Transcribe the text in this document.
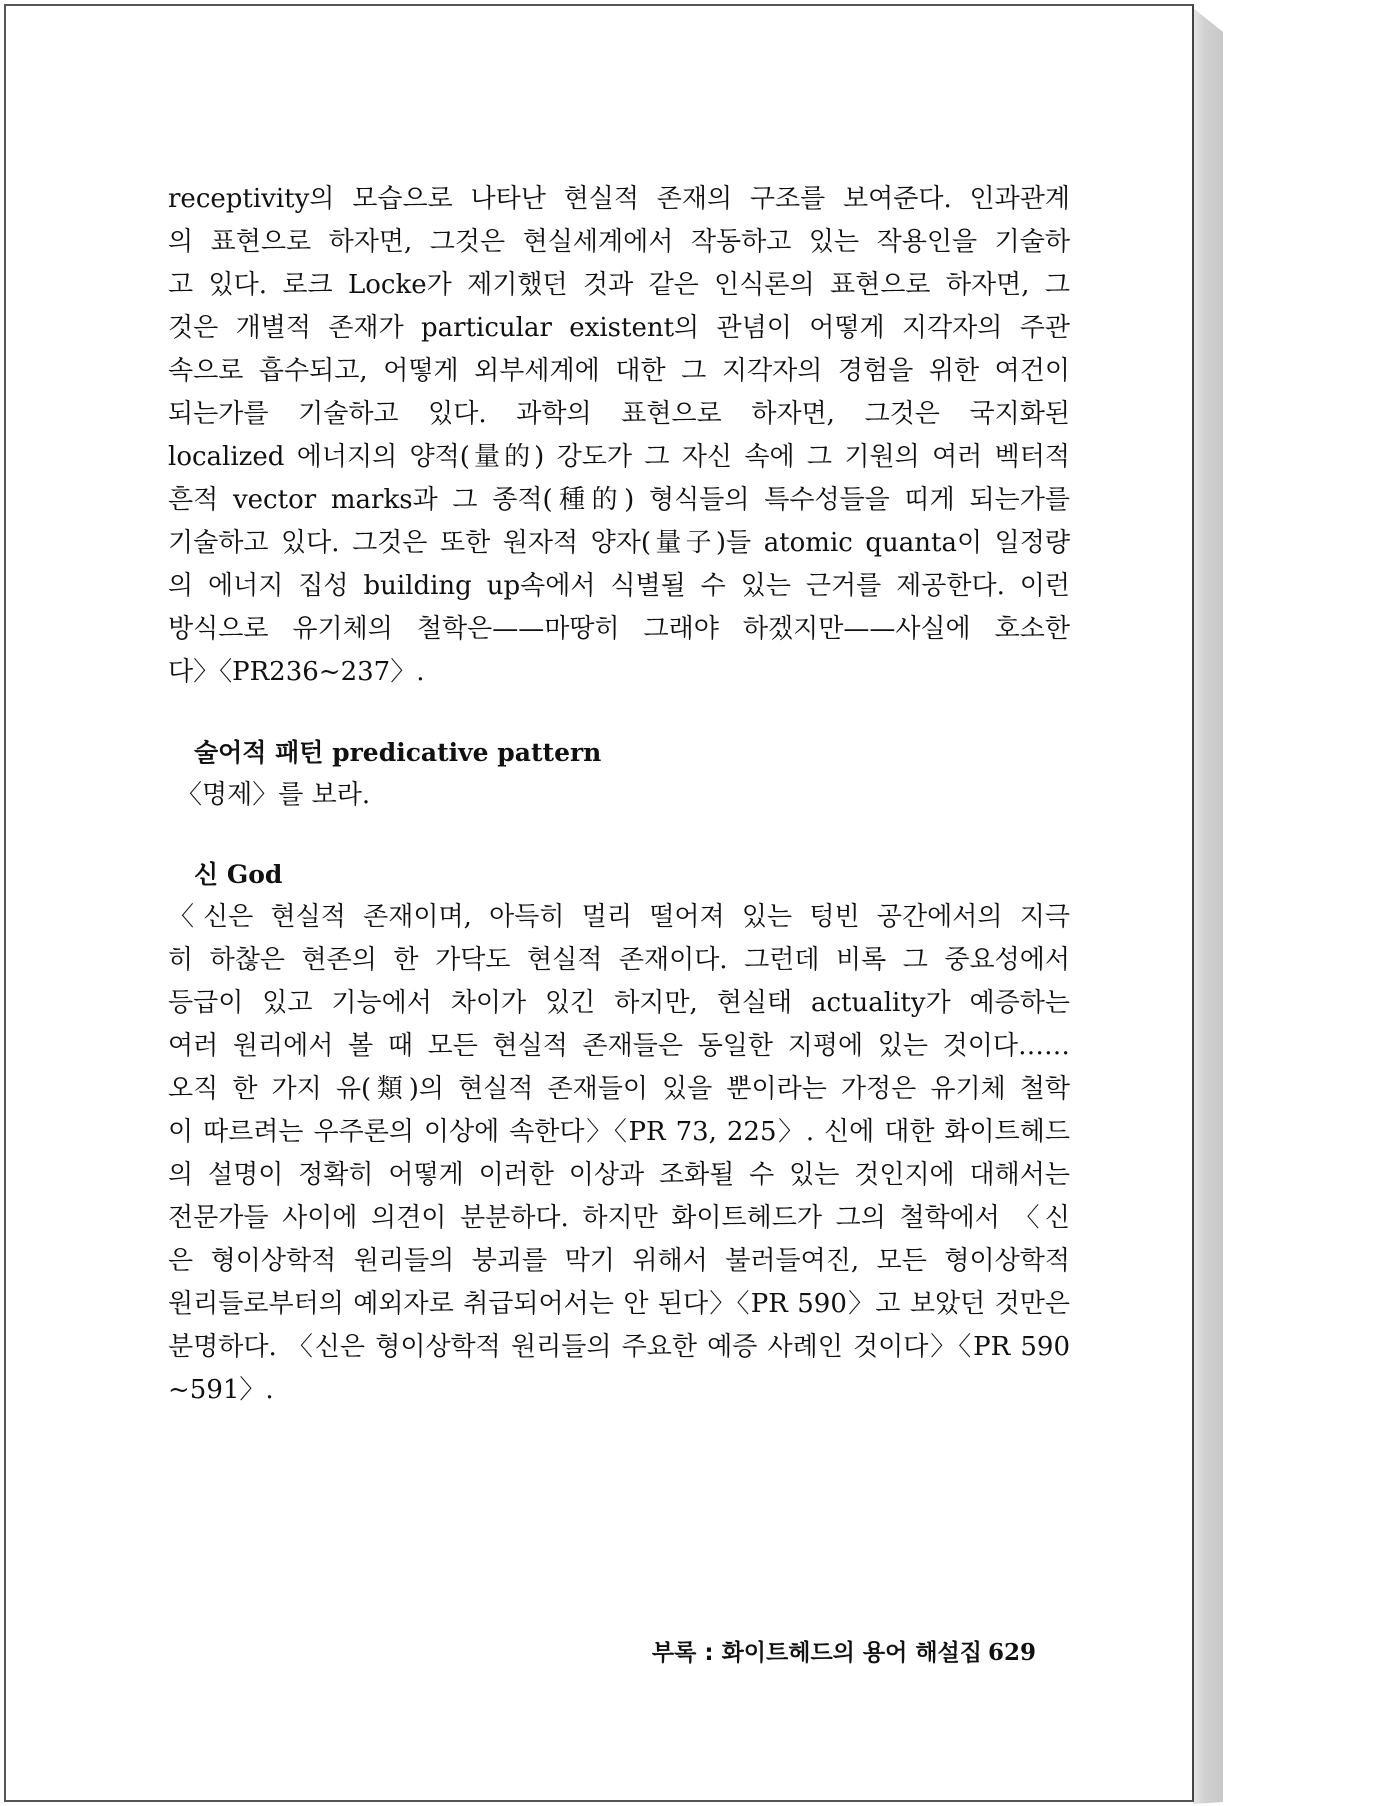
receptivity의 모습으로 나타난 현실적 존재의 구조를 보여준다. 인과관계
의 표현으로 하자면, 그것은 현실세계에서 작동하고 있는 작용인을 기술하
고 있다. 로크 Locke가 제기했던 것과 같은 인식론의 표현으로 하자면, 그
것은 개별적 존재가 particular existent의 관념이 어떻게 지각자의 주관
속으로 흡수되고, 어떻게 외부세계에 대한 그 지각자의 경험을 위한 여건이
되는가를 기술하고 있다. 과학의 표현으로 하자면, 그것은 국지화된
localized 에너지의 양적(量的) 강도가 그 자신 속에 그 기원의 여러 벡터적
흔적 vector marks과 그 종적(種的) 형식들의 특수성들을 띠게 되는가를
기술하고 있다. 그것은 또한 원자적 양자(量子)들 atomic quanta이 일정량
의 에너지 집성 building up속에서 식별될 수 있는 근거를 제공한다. 이런
방식으로 유기체의 철학은——마땅히 그래야 하겠지만——사실에 호소한
다〉〈PR236~237〉.
술어적 패턴 predicative pattern
〈명제〉를 보라.
신 God
〈신은 현실적 존재이며, 아득히 멀리 떨어져 있는 텅빈 공간에서의 지극
히 하찮은 현존의 한 가닥도 현실적 존재이다. 그런데 비록 그 중요성에서
등급이 있고 기능에서 차이가 있긴 하지만, 현실태 actuality가 예증하는
여러 원리에서 볼 때 모든 현실적 존재들은 동일한 지평에 있는 것이다……
오직 한 가지 유(類)의 현실적 존재들이 있을 뿐이라는 가정은 유기체 철학
이 따르려는 우주론의 이상에 속한다〉〈PR 73, 225〉. 신에 대한 화이트헤드
의 설명이 정확히 어떻게 이러한 이상과 조화될 수 있는 것인지에 대해서는
전문가들 사이에 의견이 분분하다. 하지만 화이트헤드가 그의 철학에서 〈신
은 형이상학적 원리들의 붕괴를 막기 위해서 불러들여진, 모든 형이상학적
원리들로부터의 예외자로 취급되어서는 안 된다〉〈PR 590〉고 보았던 것만은
분명하다. 〈신은 형이상학적 원리들의 주요한 예증 사례인 것이다〉〈PR 590
~591〉.
부록 : 화이트헤드의 용어 해설집 629
